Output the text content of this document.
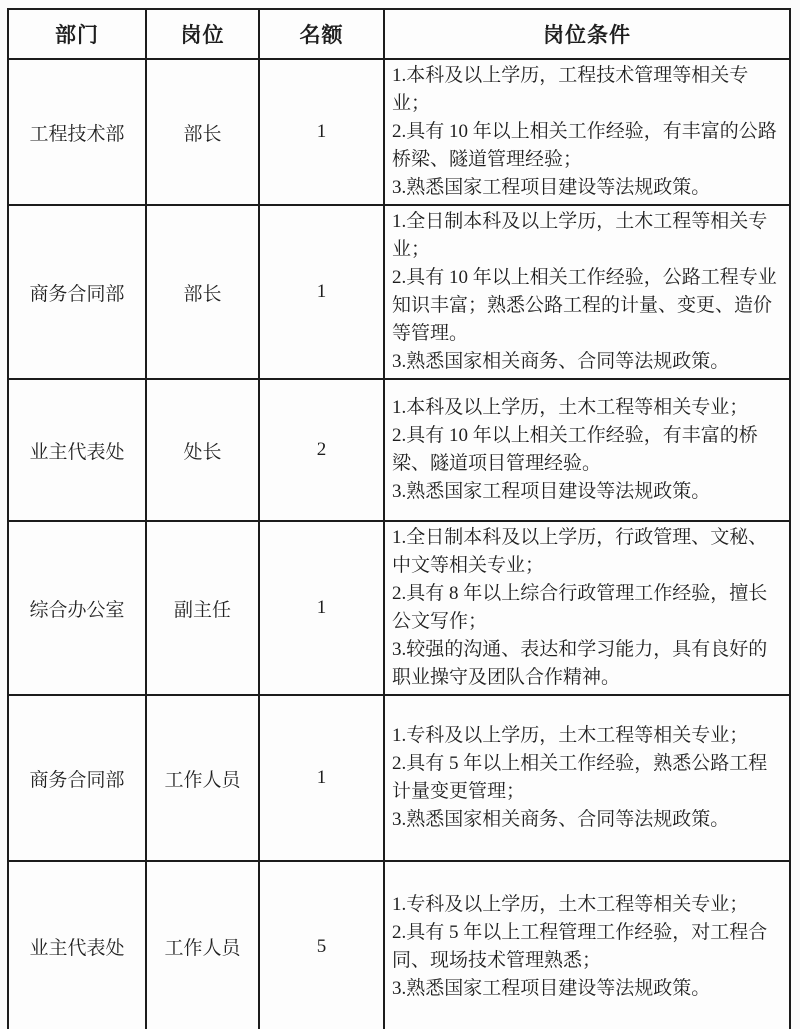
部门	岗位	名额	岗位条件
工程技术部	部长	1	1.本科及以上学历，工程技术管理等相关专业；
2.具有 10 年以上相关工作经验，有丰富的公路桥梁、隧道管理经验；
3.熟悉国家工程项目建设等法规政策。

商务合同部	部长	1	1.全日制本科及以上学历，土木工程等相关专业；
2.具有 10 年以上相关工作经验，公路工程专业知识丰富；熟悉公路工程的计量、变更、造价等管理。
3.熟悉国家相关商务、合同等法规政策。

业主代表处	处长	2	1.本科及以上学历，土木工程等相关专业；
2.具有 10 年以上相关工作经验，有丰富的桥梁、隧道项目管理经验。
3.熟悉国家工程项目建设等法规政策。

综合办公室	副主任	1	1.全日制本科及以上学历，行政管理、文秘、中文等相关专业；
2.具有 8 年以上综合行政管理工作经验，擅长公文写作；
3.较强的沟通、表达和学习能力，具有良好的职业操守及团队合作精神。

商务合同部	工作人员	1	1.专科及以上学历，土木工程等相关专业；
2.具有 5 年以上相关工作经验，熟悉公路工程计量变更管理；
3.熟悉国家相关商务、合同等法规政策。

业主代表处	工作人员	5	1.专科及以上学历，土木工程等相关专业；
2.具有 5 年以上工程管理工作经验，对工程合同、现场技术管理熟悉；
3.熟悉国家工程项目建设等法规政策。
